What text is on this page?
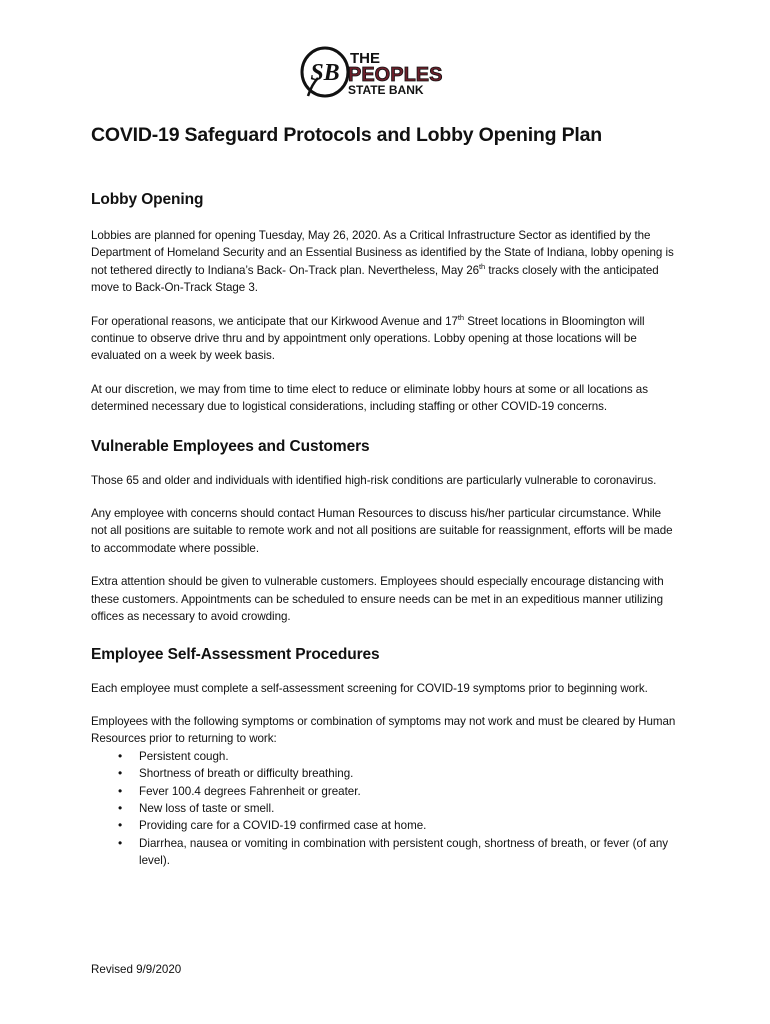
SB
THE
PEOPLES
STATE BANK
COVID-19 Safeguard Protocols and Lobby Opening Plan
Lobby Opening

Lobbies are planned for opening Tuesday, May 26, 2020. As a Critical Infrastructure Sector as identified by the Department of Homeland Security and an Essential Business as identified by the State of Indiana, lobby opening is not tethered directly to Indiana’s Back- On-Track plan. Nevertheless, May 26th tracks closely with the anticipated move to Back-On-Track Stage 3.

For operational reasons, we anticipate that our Kirkwood Avenue and 17th Street locations in Bloomington will continue to observe drive thru and by appointment only operations. Lobby opening at those locations will be evaluated on a week by week basis.

At our discretion, we may from time to time elect to reduce or eliminate lobby hours at some or all locations as determined necessary due to logistical considerations, including staffing or other COVID-19 concerns.

Vulnerable Employees and Customers

Those 65 and older and individuals with identified high-risk conditions are particularly vulnerable to coronavirus.

Any employee with concerns should contact Human Resources to discuss his/her particular circumstance. While not all positions are suitable to remote work and not all positions are suitable for reassignment, efforts will be made to accommodate where possible.

Extra attention should be given to vulnerable customers. Employees should especially encourage distancing with these customers. Appointments can be scheduled to ensure needs can be met in an expeditious manner utilizing offices as necessary to avoid crowding.

Employee Self-Assessment Procedures

Each employee must complete a self-assessment screening for COVID-19 symptoms prior to beginning work.

Employees with the following symptoms or combination of symptoms may not work and must be cleared by Human Resources prior to returning to work:

• Persistent cough.
• Shortness of breath or difficulty breathing.
• Fever 100.4 degrees Fahrenheit or greater.
• New loss of taste or smell.
• Providing care for a COVID-19 confirmed case at home.
• Diarrhea, nausea or vomiting in combination with persistent cough, shortness of breath, or fever (of any level).
Revised 9/9/2020
